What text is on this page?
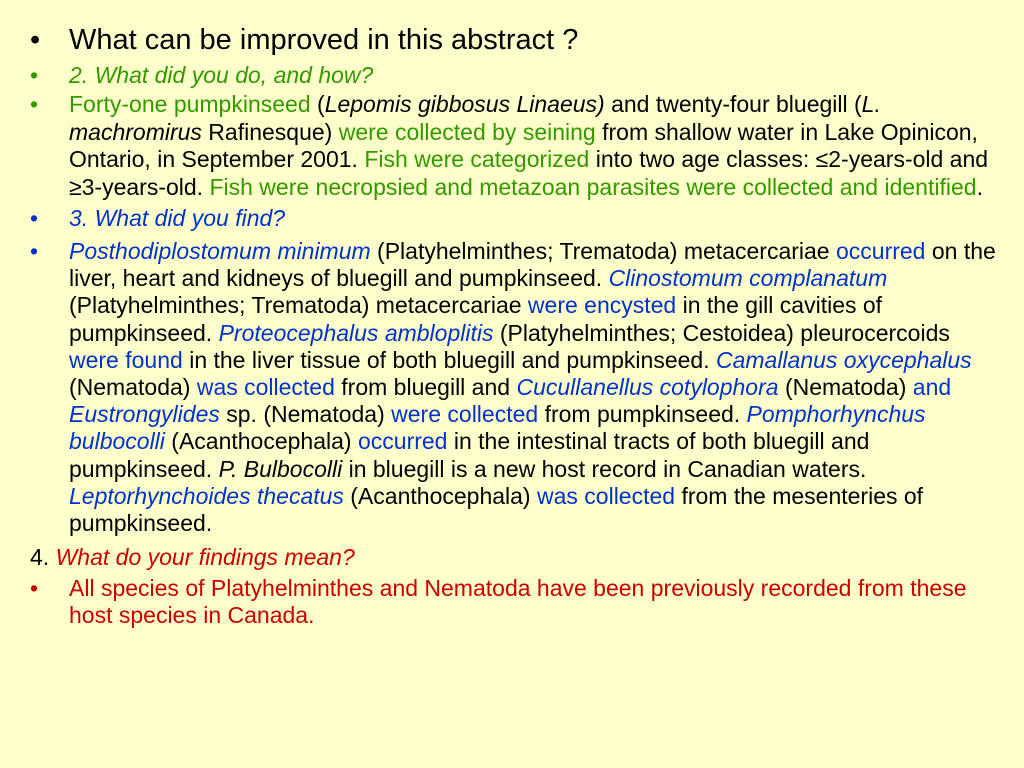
• What can be improved in this abstract ?
• 2. What did you do, and how?
• Forty-one pumpkinseed (Lepomis gibbosus Linaeus) and twenty-four bluegill (L. machromirus Rafinesque) were collected by seining from shallow water in Lake Opinicon, Ontario, in September 2001. Fish were categorized into two age classes: ≤2-years-old and ≥3-years-old. Fish were necropsied and metazoan parasites were collected and identified.
• 3. What did you find?
• Posthodiplostomum minimum (Platyhelminthes; Trematoda) metacercariae occurred on the liver, heart and kidneys of bluegill and pumpkinseed. Clinostomum complanatum (Platyhelminthes; Trematoda) metacercariae were encysted in the gill cavities of pumpkinseed. Proteocephalus ambloplitis (Platyhelminthes; Cestoidea) pleurocercoids were found in the liver tissue of both bluegill and pumpkinseed. Camallanus oxycephalus (Nematoda) was collected from bluegill and Cucullanellus cotylophora (Nematoda) and Eustrongylides sp. (Nematoda) were collected from pumpkinseed. Pomphorhynchus bulbocolli (Acanthocephala) occurred in the intestinal tracts of both bluegill and pumpkinseed. P. Bulbocolli in bluegill is a new host record in Canadian waters. Leptorhynchoides thecatus (Acanthocephala) was collected from the mesenteries of pumpkinseed.
4. What do your findings mean?
• All species of Platyhelminthes and Nematoda have been previously recorded from these host species in Canada.
